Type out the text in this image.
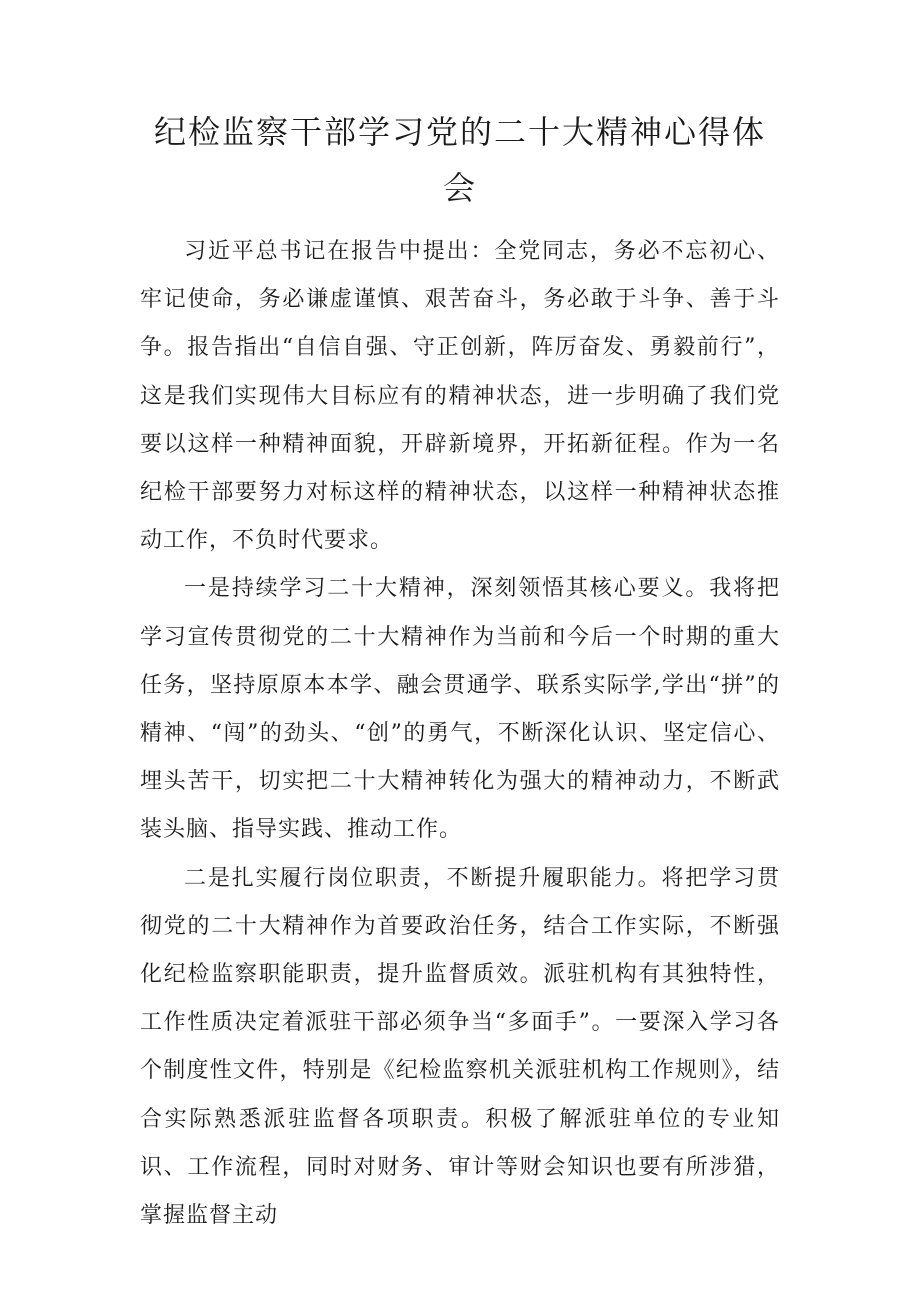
纪检监察干部学习党的二十大精神心得体会

习近平总书记在报告中提出：全党同志，务必不忘初心、牢记使命，务必谦虚谨慎、艰苦奋斗，务必敢于斗争、善于斗争。报告指出“自信自强、守正创新，阵厉奋发、勇毅前行”，这是我们实现伟大目标应有的精神状态，进一步明确了我们党要以这样一种精神面貌，开辟新境界，开拓新征程。作为一名纪检干部要努力对标这样的精神状态，以这样一种精神状态推动工作，不负时代要求。

一是持续学习二十大精神，深刻领悟其核心要义。我将把学习宣传贯彻党的二十大精神作为当前和今后一个时期的重大任务，坚持原原本本学、融会贯通学、联系实际学,学出“拼”的精神、“闯”的劲头、“创”的勇气，不断深化认识、坚定信心、埋头苦干，切实把二十大精神转化为强大的精神动力，不断武装头脑、指导实践、推动工作。

二是扎实履行岗位职责，不断提升履职能力。将把学习贯彻党的二十大精神作为首要政治任务，结合工作实际，不断强化纪检监察职能职责，提升监督质效。派驻机构有其独特性，工作性质决定着派驻干部必须争当“多面手”。一要深入学习各个制度性文件，特别是《纪检监察机关派驻机构工作规则》，结合实际熟悉派驻监督各项职责。积极了解派驻单位的专业知识、工作流程，同时对财务、审计等财会知识也要有所涉猎，掌握监督主动
